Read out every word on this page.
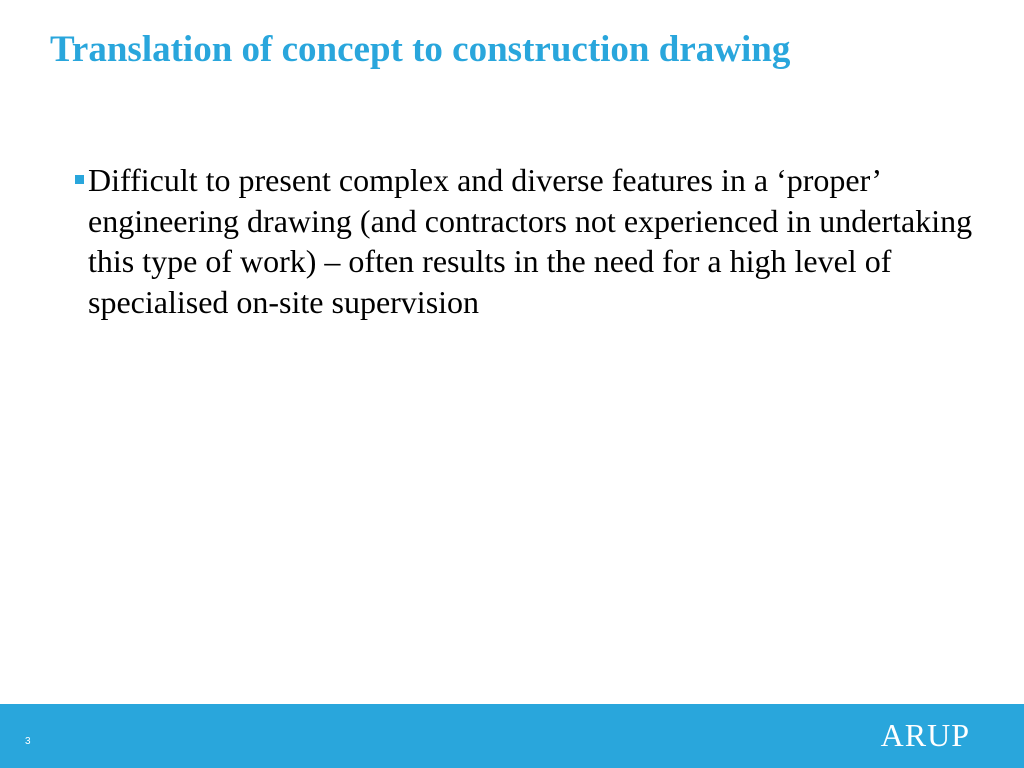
Translation of concept to construction drawing
Difficult to present complex and diverse features in a ‘proper’ engineering drawing (and contractors not experienced in undertaking this type of work) – often results in the need for a high level of specialised on-site supervision
3	ARUP
